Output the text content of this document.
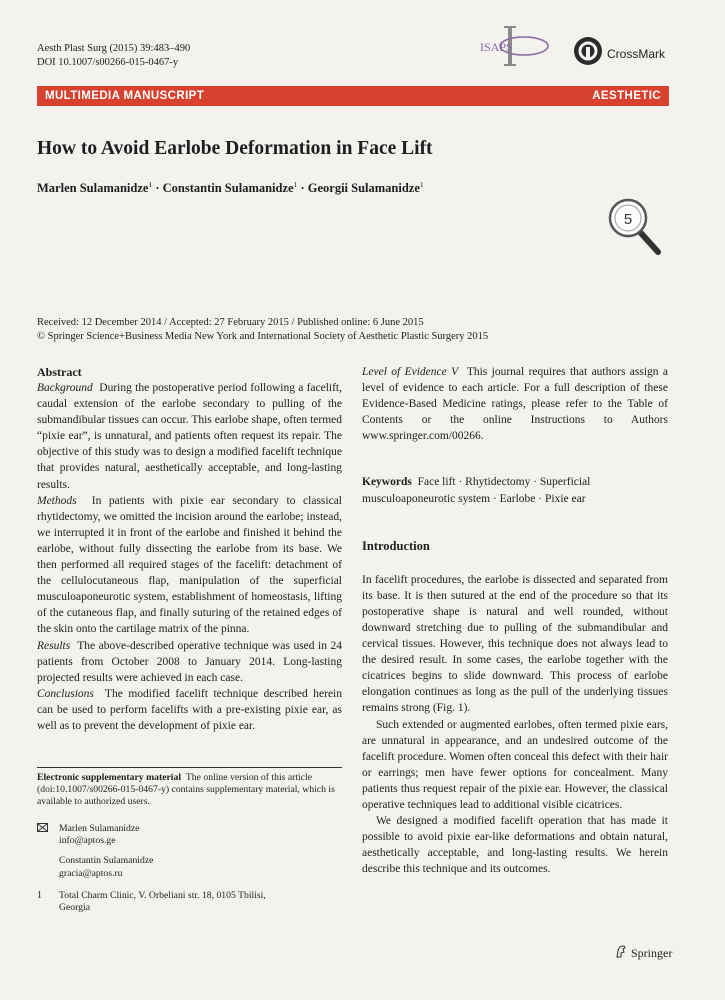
Aesth Plast Surg (2015) 39:483–490
DOI 10.1007/s00266-015-0467-y
ISAPS	CrossMark
MULTIMEDIA MANUSCRIPT	AESTHETIC
How to Avoid Earlobe Deformation in Face Lift
Marlen Sulamanidze$^1$ · Constantin Sulamanidze$^1$ · Georgii Sulamanidze$^1$
5
Received: 12 December 2014 / Accepted: 27 February 2015 / Published online: 6 June 2015
© Springer Science+Business Media New York and International Society of Aesthetic Plastic Surgery 2015
Abstract

Background During the postoperative period following a facelift, caudal extension of the earlobe secondary to pulling of the submandibular tissues can occur. This earlobe shape, often termed “pixie ear”, is unnatural, and patients often request its repair. The objective of this study was to design a modified facelift technique that provides natural, aesthetically acceptable, and long-lasting results.

Methods In patients with pixie ear secondary to classical rhytidectomy, we omitted the incision around the earlobe; instead, we interrupted it in front of the earlobe and finished it behind the earlobe, without fully dissecting the earlobe from its base. We then performed all required stages of the facelift: detachment of the cellulocutaneous flap, manipulation of the superficial musculoaponeurotic system, establishment of homeostasis, lifting of the cutaneous flap, and finally suturing of the retained edges of the skin onto the cartilage matrix of the pinna.

Results The above-described operative technique was used in 24 patients from October 2008 to January 2014. Long-lasting projected results were achieved in each case.

Conclusions The modified facelift technique described herein can be used to perform facelifts with a pre-existing pixie ear, as well as to prevent the development of pixie ear.

Level of Evidence V This journal requires that authors assign a level of evidence to each article. For a full description of these Evidence-Based Medicine ratings, please refer to the Table of Contents or the online Instructions to Authors www.springer.com/00266.

Keywords Face lift · Rhytidectomy · Superficial musculoaponeurotic system · Earlobe · Pixie ear
Introduction

In facelift procedures, the earlobe is dissected and separated from its base. It is then sutured at the end of the procedure so that its postoperative shape is natural and well rounded, without downward stretching due to pulling of the submandibular and cervical tissues. However, this technique does not always lead to the desired result. In some cases, the earlobe together with the cicatrices begins to slide downward. This process of earlobe elongation continues as long as the pull of the underlying tissues remains strong (Fig. 1).

Such extended or augmented earlobes, often termed pixie ears, are unnatural in appearance, and an undesired outcome of the facelift procedure. Women often conceal this defect with their hair or earrings; men have fewer options for concealment. Many patients thus request repair of the pixie ear. However, the classical operative techniques lead to additional visible cicatrices.

We designed a modified facelift operation that has made it possible to avoid pixie ear-like deformations and obtain natural, aesthetically acceptable, and long-lasting results. We herein describe this technique and its outcomes.

Electronic supplementary material The online version of this article (doi:10.1007/s00266-015-0467-y) contains supplementary material, which is available to authorized users.
Marlen Sulamanidze
info@aptos.ge
Constantin Sulamanidze
gracia@aptos.ru
1	Total Charm Clinic, V. Orbeliani str. 18, 0105 Tbilisi,
Georgia
Springer
